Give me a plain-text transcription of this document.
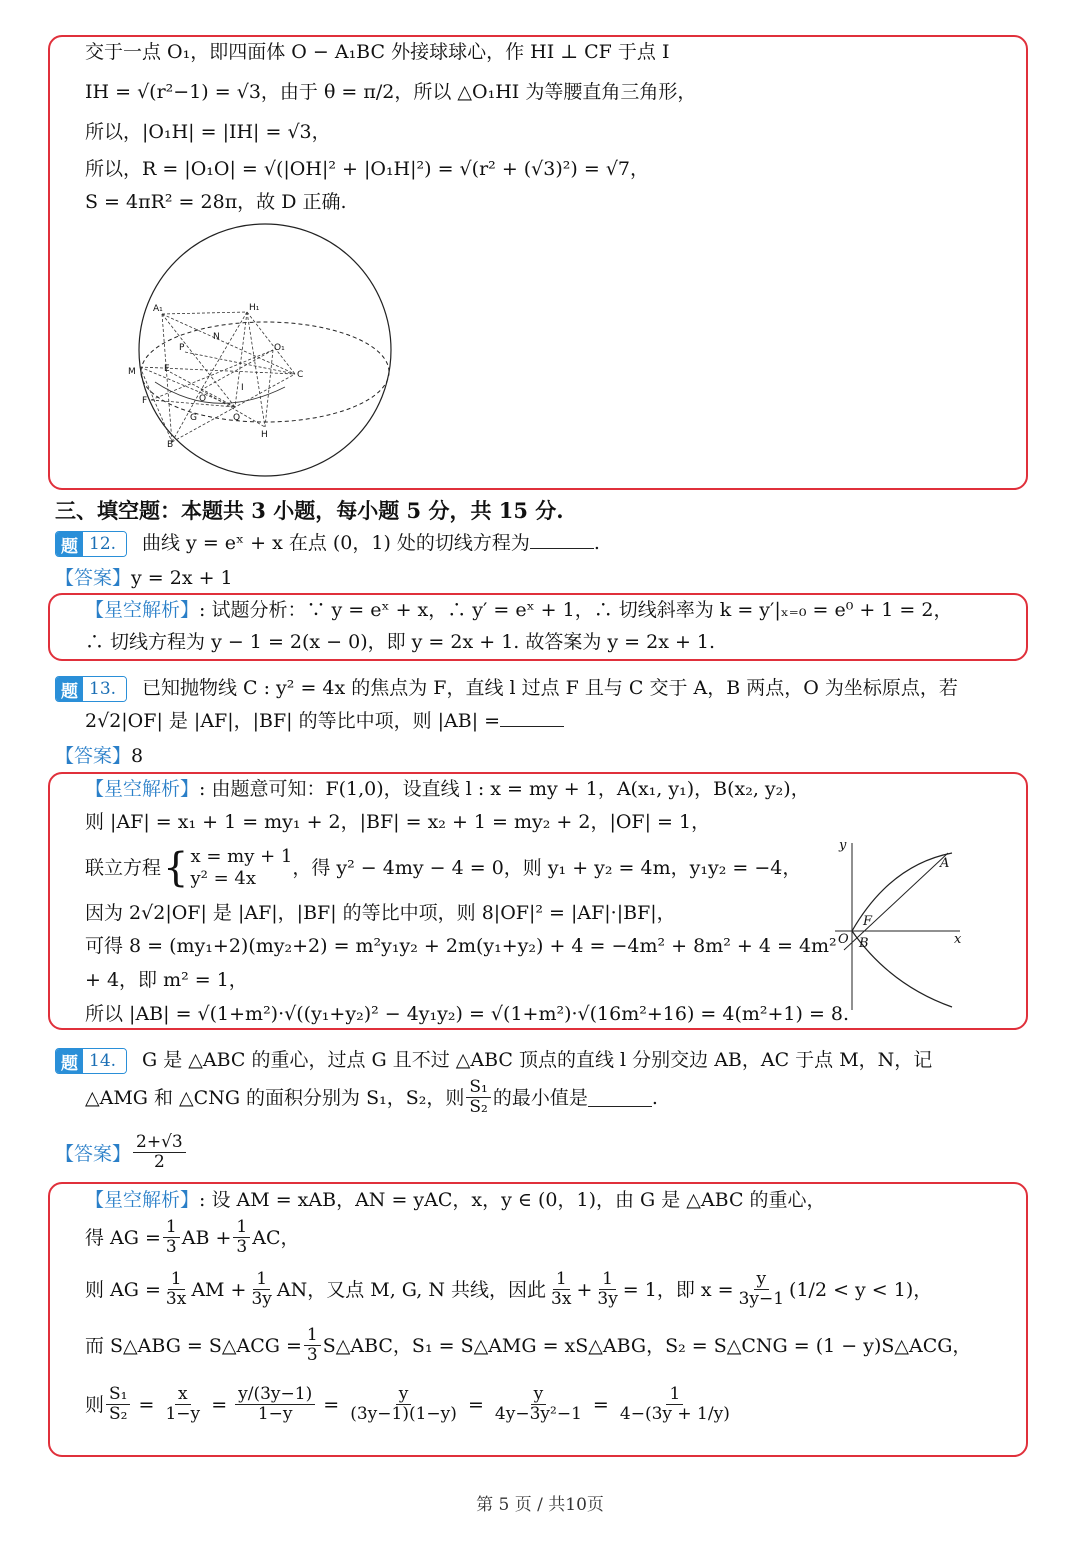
交于一点 O₁，即四面体 O − A₁BC 外接球球心，作 HI ⊥ CF 于点 I
IH = √(r²−1) = √3，由于 θ = π/2，所以 △O₁HI 为等腰直角三角形，
所以，|O₁H| = |IH| = √3，
所以，R = |O₁O| = √(|OH|² + |O₁H|²) = √(r² + (√3)²) = √7，
S = 4πR² = 28π，故 D 正确.
A₁	H₁
N
O₁
P
M	E
C
O
I
F
G	Q
B
H
三、填空题：本题共 3 小题，每小题 5 分，共 15 分.
题 12.	曲线 y = eˣ + x 在点 (0，1) 处的切线方程为	.
【答案】y = 2x + 1
【星空解析】: 试题分析：∵ y = eˣ + x，∴ y′ = eˣ + 1，∴ 切线斜率为 k = y′|ₓ₌₀ = e⁰ + 1 = 2，
∴ 切线方程为 y − 1 = 2(x − 0)，即 y = 2x + 1. 故答案为 y = 2x + 1.
题 13.	已知抛物线 C : y² = 4x 的焦点为 F，直线 l 过点 F 且与 C 交于 A，B 两点，O 为坐标原点，若
2√2|OF| 是 |AF|，|BF| 的等比中项，则 |AB| =
【答案】8
【星空解析】: 由题意可知：F(1,0)，设直线 l : x = my + 1，A(x₁, y₁)，B(x₂, y₂)，
则 |AF| = x₁ + 1 = my₁ + 2，|BF| = x₂ + 1 = my₂ + 2，|OF| = 1，
联立方程 { x = my + 1
y² = 4x	，得 y² − 4my − 4 = 0，则 y₁ + y₂ = 4m，y₁y₂ = −4，
因为 2√2|OF| 是 |AF|，|BF| 的等比中项，则 8|OF|² = |AF|·|BF|，
可得 8 = (my₁+2)(my₂+2) = m²y₁y₂ + 2m(y₁+y₂) + 4 = −4m² + 8m² + 4 = 4m²
+ 4，即 m² = 1，
所以 |AB| = √(1+m²)·√((y₁+y₂)² − 4y₁y₂) = √(1+m²)·√(16m²+16) = 4(m²+1) = 8.
y
x
A
F
O B
题 14.	G 是 △ABC 的重心，过点 G 且不过 △ABC 顶点的直线 l 分别交边 AB，AC 于点 M，N，记
△AMG 和 △CNG 的面积分别为 S₁，S₂，则 $\frac{\text{S₁}}{\text{S₂}}$ 的最小值是	.
【答案】 $\frac{2+√3}{2}$
【星空解析】: 设 AM = xAB，AN = yAC，x，y ∈ (0，1)，由 G 是 △ABC 的重心，
得 AG = $\frac{1}{3}$ AB + $\frac{1}{3}$ AC，
则 AG = $\frac{1}{3x}$ AM + $\frac{1}{3y}$ AN，又点 M, G, N 共线，因此 $\frac{1}{3x} + \frac{1}{3y} = 1$，即 $x = \frac{y}{3y-1} (1/2 < y < 1)$，
而 S△ABG = S△ACG = $\frac{1}{3}$ S△ABC，S₁ = S△AMG = xS△ABG，S₂ = S△CNG = (1 − y)S△ACG，
则 $\frac{\text{S₁}}{\text{S₂}} = \frac{x}{1-y} = \frac{y/(3y-1)}{1-y} = \frac{y}{(3y-1)(1-y)} = \frac{y}{\text{4y−3y²−1}} = \frac{1}{4-(3y + 1/y)}$
第 5 页 / 共10页
